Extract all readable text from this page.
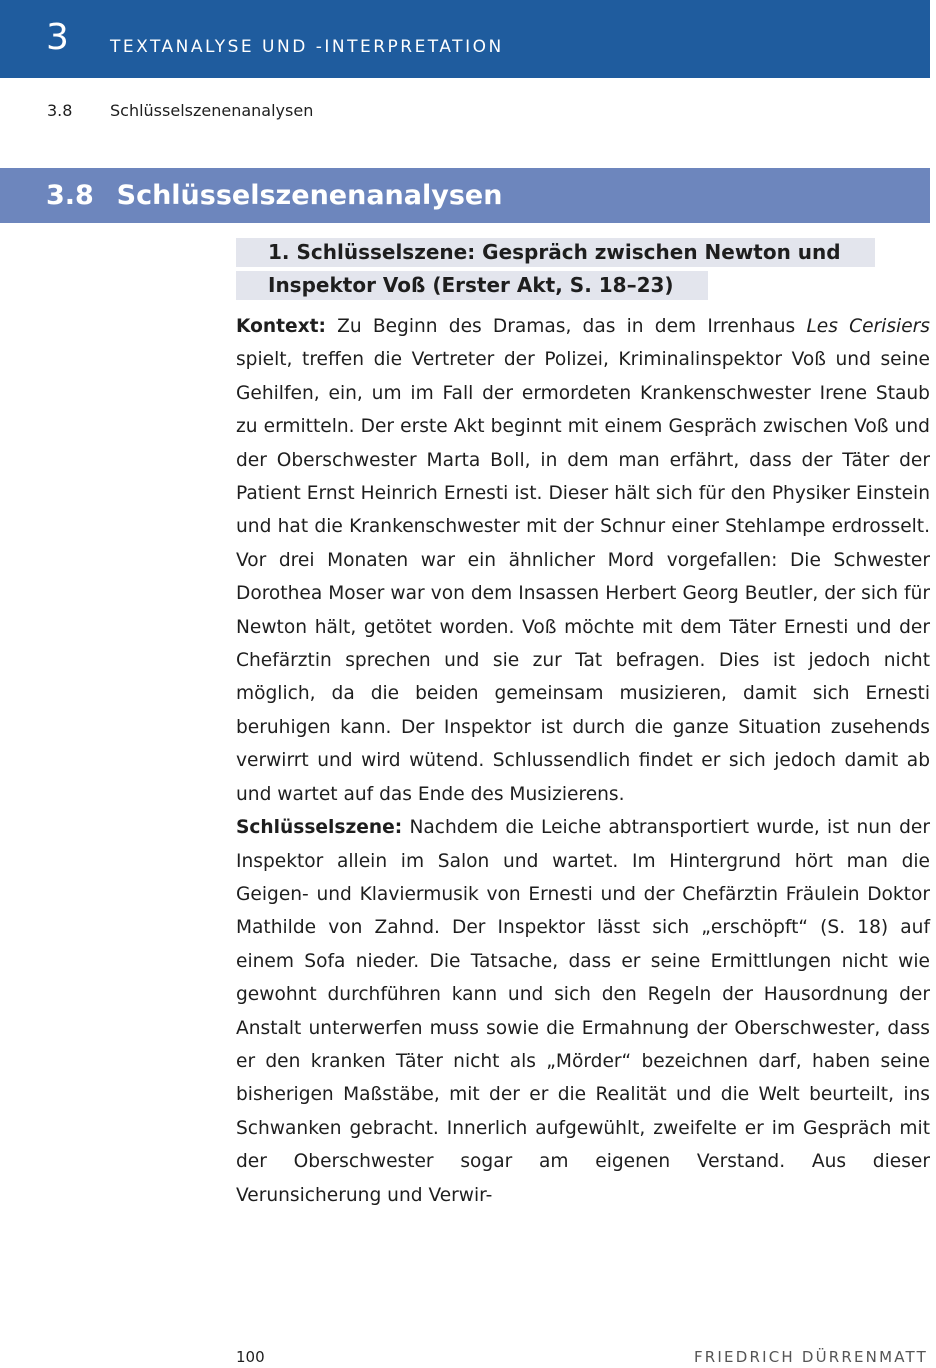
3 TEXTANALYSE UND -INTERPRETATION
3.8 Schlüsselszenenanalysen
3.8  Schlüsselszenenanalysen
1. Schlüsselszene: Gespräch zwischen Newton und Inspektor Voß (Erster Akt, S. 18–23)

Kontext: Zu Beginn des Dramas, das in dem Irrenhaus Les Cerisiers spielt, treffen die Vertreter der Polizei, Kriminalinspektor Voß und seine Gehilfen, ein, um im Fall der ermordeten Krankenschwester Irene Staub zu ermitteln. Der erste Akt beginnt mit einem Gespräch zwischen Voß und der Oberschwester Marta Boll, in dem man erfährt, dass der Täter der Patient Ernst Heinrich Ernesti ist. Dieser hält sich für den Physiker Einstein und hat die Krankenschwester mit der Schnur einer Stehlampe erdrosselt. Vor drei Monaten war ein ähnlicher Mord vorgefallen: Die Schwester Dorothea Moser war von dem Insassen Herbert Georg Beutler, der sich für Newton hält, getötet worden. Voß möchte mit dem Täter Ernesti und der Chefärztin sprechen und sie zur Tat befragen. Dies ist jedoch nicht möglich, da die beiden gemeinsam musizieren, damit sich Ernesti beruhigen kann. Der Inspektor ist durch die ganze Situation zusehends verwirrt und wird wütend. Schlussendlich findet er sich jedoch damit ab und wartet auf das Ende des Musizierens.

Schlüsselszene: Nachdem die Leiche abtransportiert wurde, ist nun der Inspektor allein im Salon und wartet. Im Hintergrund hört man die Geigen- und Klaviermusik von Ernesti und der Chefärztin Fräulein Doktor Mathilde von Zahnd. Der Inspektor lässt sich „erschöpft“ (S. 18) auf einem Sofa nieder. Die Tatsache, dass er seine Ermittlungen nicht wie gewohnt durchführen kann und sich den Regeln der Hausordnung der Anstalt unterwerfen muss sowie die Ermahnung der Oberschwester, dass er den kranken Täter nicht als „Mörder“ bezeichnen darf, haben seine bisherigen Maßstäbe, mit der er die Realität und die Welt beurteilt, ins Schwanken gebracht. Innerlich aufgewühlt, zweifelte er im Gespräch mit der Oberschwester sogar am eigenen Verstand. Aus dieser Verunsicherung und Verwir-

100	FRIEDRICH DÜRRENMATT
